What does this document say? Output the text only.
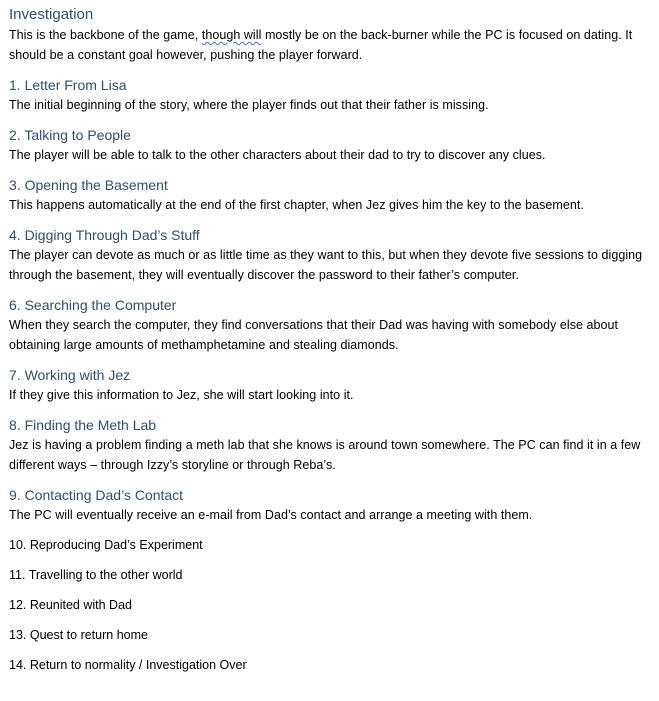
Investigation

This is the backbone of the game, though will mostly be on the back-burner while the PC is focused on dating. It should be a constant goal however, pushing the player forward.

1. Letter From Lisa

The initial beginning of the story, where the player finds out that their father is missing.

2. Talking to People

The player will be able to talk to the other characters about their dad to try to discover any clues.

3. Opening the Basement

This happens automatically at the end of the first chapter, when Jez gives him the key to the basement.

4. Digging Through Dad’s Stuff

The player can devote as much or as little time as they want to this, but when they devote five sessions to digging through the basement, they will eventually discover the password to their father’s computer.

6. Searching the Computer

When they search the computer, they find conversations that their Dad was having with somebody else about obtaining large amounts of methamphetamine and stealing diamonds.

7. Working with Jez

If they give this information to Jez, she will start looking into it.

8. Finding the Meth Lab

Jez is having a problem finding a meth lab that she knows is around town somewhere. The PC can find it in a few different ways – through Izzy’s storyline or through Reba’s.

9. Contacting Dad’s Contact

The PC will eventually receive an e-mail from Dad’s contact and arrange a meeting with them.

10. Reproducing Dad’s Experiment
11. Travelling to the other world
12. Reunited with Dad
13. Quest to return home
14. Return to normality / Investigation Over
